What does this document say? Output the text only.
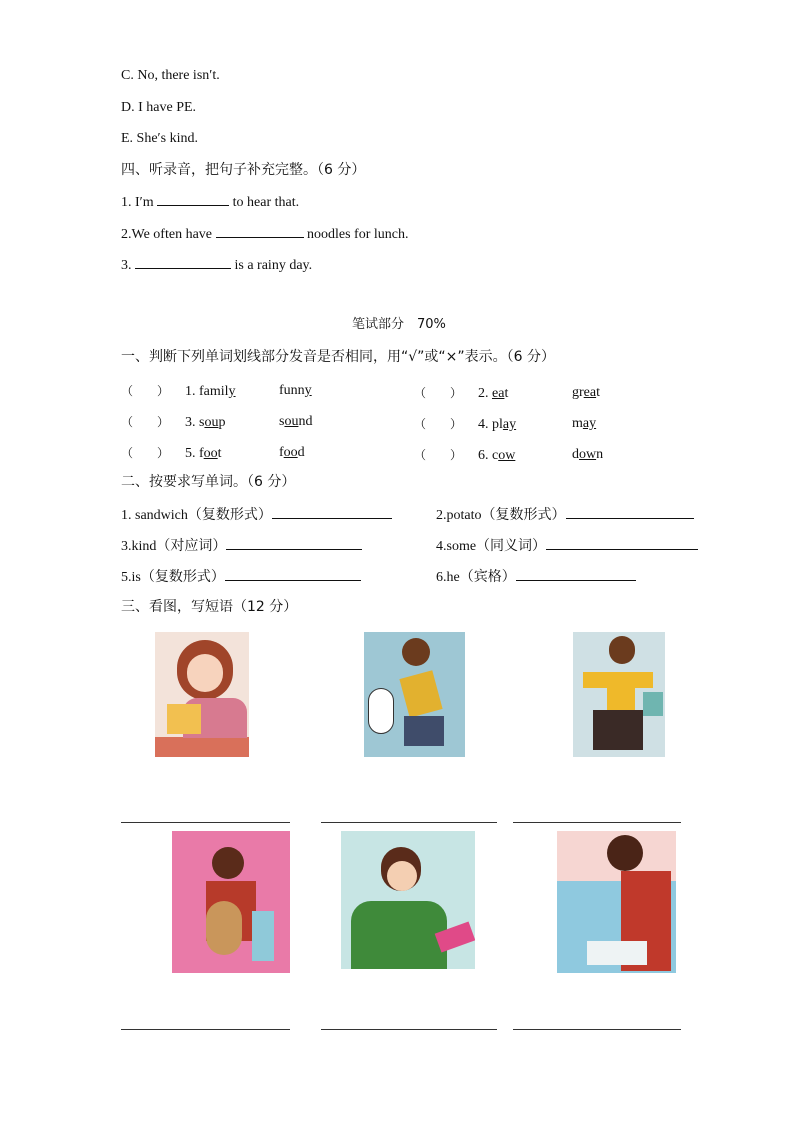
C. No, there isn′t.
D. I have PE.
E. She′s kind.
四、听录音，把句子补充完整。（6 分）
1. I′m	to hear that.
2.We often have	noodles for lunch.
3.	is a rainy day.
笔试部分　70%
一、判断下列单词划线部分发音是否相同，用“√”或“×”表示。（6 分）
（　　） 1. family	funny	（　　） 2. eat	great
（　　） 3. soup	sound	（　　） 4. play	may
（　　） 5. foot	food	（　　） 6. cow	down
二、按要求写单词。（6 分）
1. sandwich（复数形式）	2.potato（复数形式）
3.kind（对应词）	4.some（同义词）
5.is（复数形式）	6.he（宾格）
三、看图，写短语（12 分）
